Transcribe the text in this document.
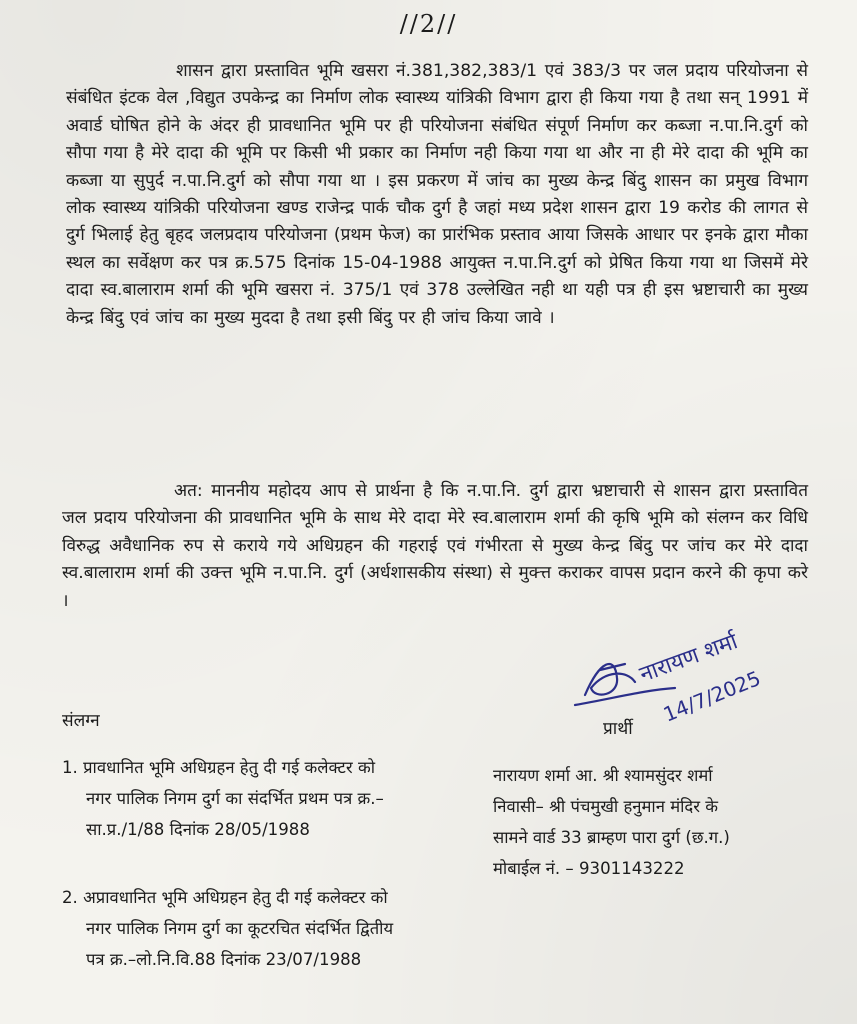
//2//
शासन द्वारा प्रस्तावित भूमि खसरा नं.381,382,383/1 एवं 383/3 पर जल प्रदाय परियोजना से संबंधित इंटक वेल ,विद्युत उपकेन्द्र का निर्माण लोक स्वास्थ्य यांत्रिकी विभाग द्वारा ही किया गया है तथा सन् 1991 में अवार्ड घोषित होने के अंदर ही प्रावधानित भूमि पर ही परियोजना संबंधित संपूर्ण निर्माण कर कब्जा न.पा.नि.दुर्ग को सौपा गया है मेरे दादा की भूमि पर किसी भी प्रकार का निर्माण नही किया गया था और ना ही मेरे दादा की भूमि का कब्जा या सुपुर्द न.पा.नि.दुर्ग को सौपा गया था । इस प्रकरण में जांच का मुख्य केन्द्र बिंदु शासन का प्रमुख विभाग लोक स्वास्थ्य यांत्रिकी परियोजना खण्ड राजेन्द्र पार्क चौक दुर्ग है जहां मध्य प्रदेश शासन द्वारा 19 करोड की लागत से दुर्ग भिलाई हेतु बृहद जलप्रदाय परियोजना (प्रथम फेज) का प्रारंभिक प्रस्ताव आया जिसके आधार पर इनके द्वारा मौका स्थल का सर्वेक्षण कर पत्र क्र.575 दिनांक 15-04-1988 आयुक्त न.पा.नि.दुर्ग को प्रेषित किया गया था जिसमें मेरे दादा स्व.बालाराम शर्मा की भूमि खसरा नं. 375/1 एवं 378 उल्लेखित नही था यही पत्र ही इस भ्रष्टाचारी का मुख्य केन्द्र बिंदु एवं जांच का मुख्य मुददा है तथा इसी बिंदु पर ही जांच किया जावे ।
अत: माननीय महोदय आप से प्रार्थना है कि न.पा.नि. दुर्ग द्वारा भ्रष्टाचारी से शासन द्वारा प्रस्तावित जल प्रदाय परियोजना की प्रावधानित भूमि के साथ मेरे दादा मेरे स्व.बालाराम शर्मा की कृषि भूमि को संलग्न कर विधि विरुद्ध अवैधानिक रुप से कराये गये अधिग्रहन की गहराई एवं गंभीरता से मुख्य केन्द्र बिंदु पर जांच कर मेरे दादा स्व.बालाराम शर्मा की उक्त्त भूमि न.पा.नि. दुर्ग (अर्धशासकीय संस्था) से मुक्त्त कराकर वापस प्रदान करने की कृपा करे ।
नारायण शर्मा
14/7/2025
प्रार्थी
संलग्न
1. प्रावधानित भूमि अधिग्रहन हेतु दी गई कलेक्टर को
नगर पालिक निगम दुर्ग का संदर्भित प्रथम पत्र क्र.–
सा.प्र./1/88 दिनांक 28/05/1988
2. अप्रावधानित भूमि अधिग्रहन हेतु दी गई कलेक्टर को
नगर पालिक निगम दुर्ग का कूटरचित संदर्भित द्वितीय
पत्र क्र.–लो.नि.वि.88 दिनांक 23/07/1988
नारायण शर्मा आ. श्री श्यामसुंदर शर्मा
निवासी– श्री पंचमुखी हनुमान मंदिर के
सामने वार्ड 33 ब्राम्हण पारा दुर्ग (छ.ग.)
मोबाईल नं. – 9301143222
